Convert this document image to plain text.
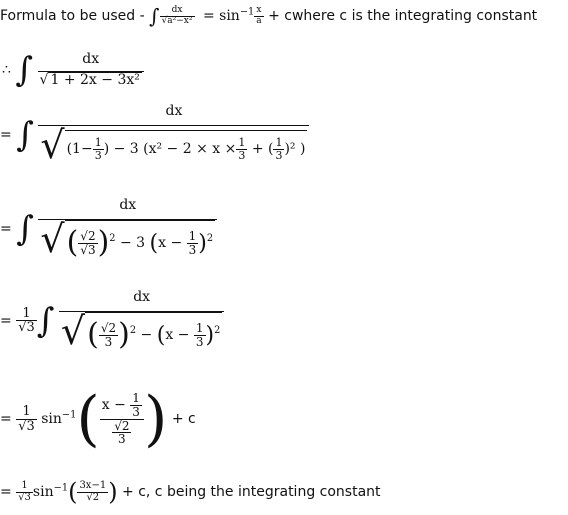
Formula to be used - ∫ $\frac{dx}{\text{√a²−x²}} = \sin^{-1} \frac{x}{a}$ + cwhere c is the integrating constant
∴ ∫ $\frac{dx}{\text{√ 1 + 2x − 3x²}}$
= ∫ $\frac{dx}{√ (1- \frac{1}{3} ) - 3 (x^2 - 2 \times x \times \frac{1}{3} + ( \frac{1}{3} )^2 )}$
= ∫ $\frac{dx}{√( \frac{√2}{√3} )^2 - 3 (x - \frac{1}{3} )^2}$
= $\frac{1}{√3}$ ∫ $\frac{dx}{√( \frac{√2}{3} )^2 - (x - \frac{1}{3} )^2}$
= $\frac{1}{√3} \sin^{-1}( \frac{x - \frac{1}{3}}{\frac{√2}{3}}$ ) + c
= $\frac{1}{√3} \sin^{-1}( \frac{3x-1}{√2}$ ) + c, c being the integrating constant
